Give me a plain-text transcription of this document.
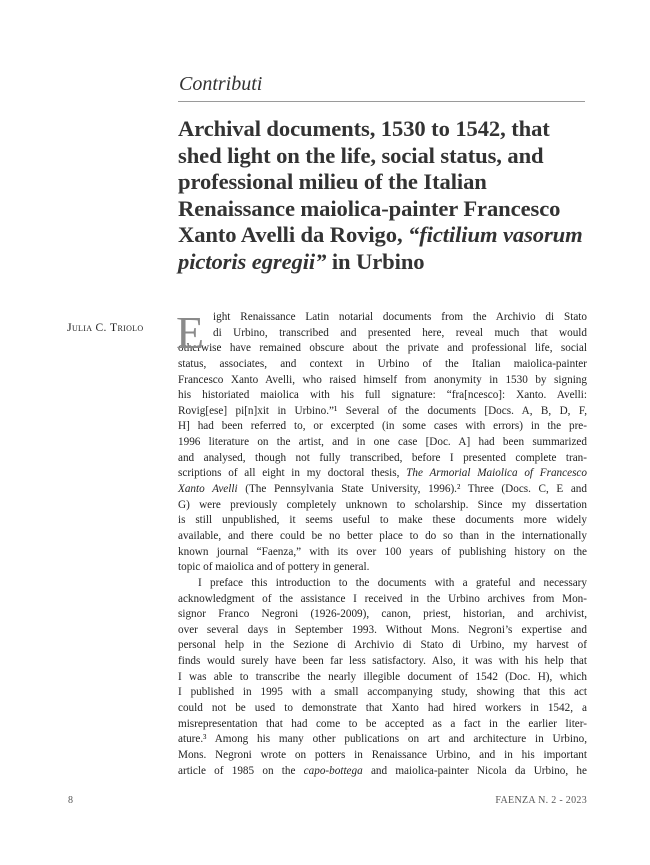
Contributi
Archival documents, 1530 to 1542, that
shed light on the life, social status, and
professional milieu of the Italian
Renaissance maiolica-painter Francesco
Xanto Avelli da Rovigo, “fictilium vasorum
pictoris egregii” in Urbino
Julia C. Triolo E ight Renaissance Latin notarial documents from the Archivio di Stato
di Urbino, transcribed and presented here, reveal much that would
otherwise have remained obscure about the private and professional life, social
status, associates, and context in Urbino of the Italian maiolica-painter
Francesco Xanto Avelli, who raised himself from anonymity in 1530 by signing
his historiated maiolica with his full signature: “fra[ncesco]: Xanto. Avelli:
Rovig[ese] pi[n]xit in Urbino.”¹ Several of the documents [Docs. A, B, D, F,
H] had been referred to, or excerpted (in some cases with errors) in the pre-
1996 literature on the artist, and in one case [Doc. A] had been summarized
and analysed, though not fully transcribed, before I presented complete tran-
scriptions of all eight in my doctoral thesis, The Armorial Maiolica of Francesco
Xanto Avelli (The Pennsylvania State University, 1996).² Three (Docs. C, E and
G) were previously completely unknown to scholarship. Since my dissertation
is still unpublished, it seems useful to make these documents more widely
available, and there could be no better place to do so than in the internationally
known journal “Faenza,” with its over 100 years of publishing history on the
topic of maiolica and of pottery in general.
I preface this introduction to the documents with a grateful and necessary
acknowledgment of the assistance I received in the Urbino archives from Mon-
signor Franco Negroni (1926-2009), canon, priest, historian, and archivist,
over several days in September 1993. Without Mons. Negroni’s expertise and
personal help in the Sezione di Archivio di Stato di Urbino, my harvest of
finds would surely have been far less satisfactory. Also, it was with his help that
I was able to transcribe the nearly illegible document of 1542 (Doc. H), which
I published in 1995 with a small accompanying study, showing that this act
could not be used to demonstrate that Xanto had hired workers in 1542, a
misrepresentation that had come to be accepted as a fact in the earlier liter-
ature.³ Among his many other publications on art and architecture in Urbino,
Mons. Negroni wrote on potters in Renaissance Urbino, and in his important
article of 1985 on the capo-bottega and maiolica-painter Nicola da Urbino, he
8	FAENZA N. 2 - 2023
